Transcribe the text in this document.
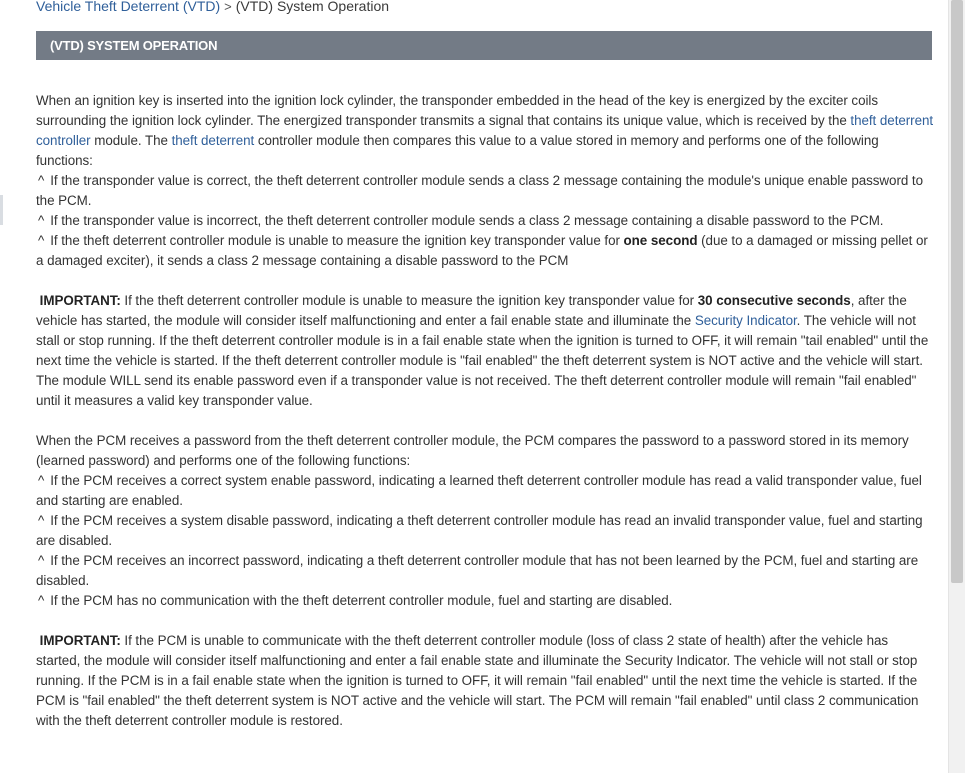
Vehicle Theft Deterrent (VTD) > (VTD) System Operation
(VTD) SYSTEM OPERATION

When an ignition key is inserted into the ignition lock cylinder, the transponder embedded in the head of the key is energized by the exciter coils surrounding the ignition lock cylinder. The energized transponder transmits a signal that contains its unique value, which is received by the theft deterrent controller module. The theft deterrent controller module then compares this value to a value stored in memory and performs one of the following functions:

^ If the transponder value is correct, the theft deterrent controller module sends a class 2 message containing the module's unique enable password to the PCM.

^ If the transponder value is incorrect, the theft deterrent controller module sends a class 2 message containing a disable password to the PCM.

^ If the theft deterrent controller module is unable to measure the ignition key transponder value for one second (due to a damaged or missing pellet or a damaged exciter), it sends a class 2 message containing a disable password to the PCM

IMPORTANT: If the theft deterrent controller module is unable to measure the ignition key transponder value for 30 consecutive seconds, after the vehicle has started, the module will consider itself malfunctioning and enter a fail enable state and illuminate the Security Indicator. The vehicle will not stall or stop running. If the theft deterrent controller module is in a fail enable state when the ignition is turned to OFF, it will remain "tail enabled" until the next time the vehicle is started. If the theft deterrent controller module is "fail enabled" the theft deterrent system is NOT active and the vehicle will start. The module WILL send its enable password even if a transponder value is not received. The theft deterrent controller module will remain "fail enabled" until it measures a valid key transponder value.

When the PCM receives a password from the theft deterrent controller module, the PCM compares the password to a password stored in its memory (learned password) and performs one of the following functions:

^ If the PCM receives a correct system enable password, indicating a learned theft deterrent controller module has read a valid transponder value, fuel and starting are enabled.

^ If the PCM receives a system disable password, indicating a theft deterrent controller module has read an invalid transponder value, fuel and starting are disabled.

^ If the PCM receives an incorrect password, indicating a theft deterrent controller module that has not been learned by the PCM, fuel and starting are disabled.

^ If the PCM has no communication with the theft deterrent controller module, fuel and starting are disabled.

IMPORTANT: If the PCM is unable to communicate with the theft deterrent controller module (loss of class 2 state of health) after the vehicle has started, the module will consider itself malfunctioning and enter a fail enable state and illuminate the Security Indicator. The vehicle will not stall or stop running. If the PCM is in a fail enable state when the ignition is turned to OFF, it will remain "fail enabled" until the next time the vehicle is started. If the PCM is "fail enabled" the theft deterrent system is NOT active and the vehicle will start. The PCM will remain "fail enabled" until class 2 communication with the theft deterrent controller module is restored.
